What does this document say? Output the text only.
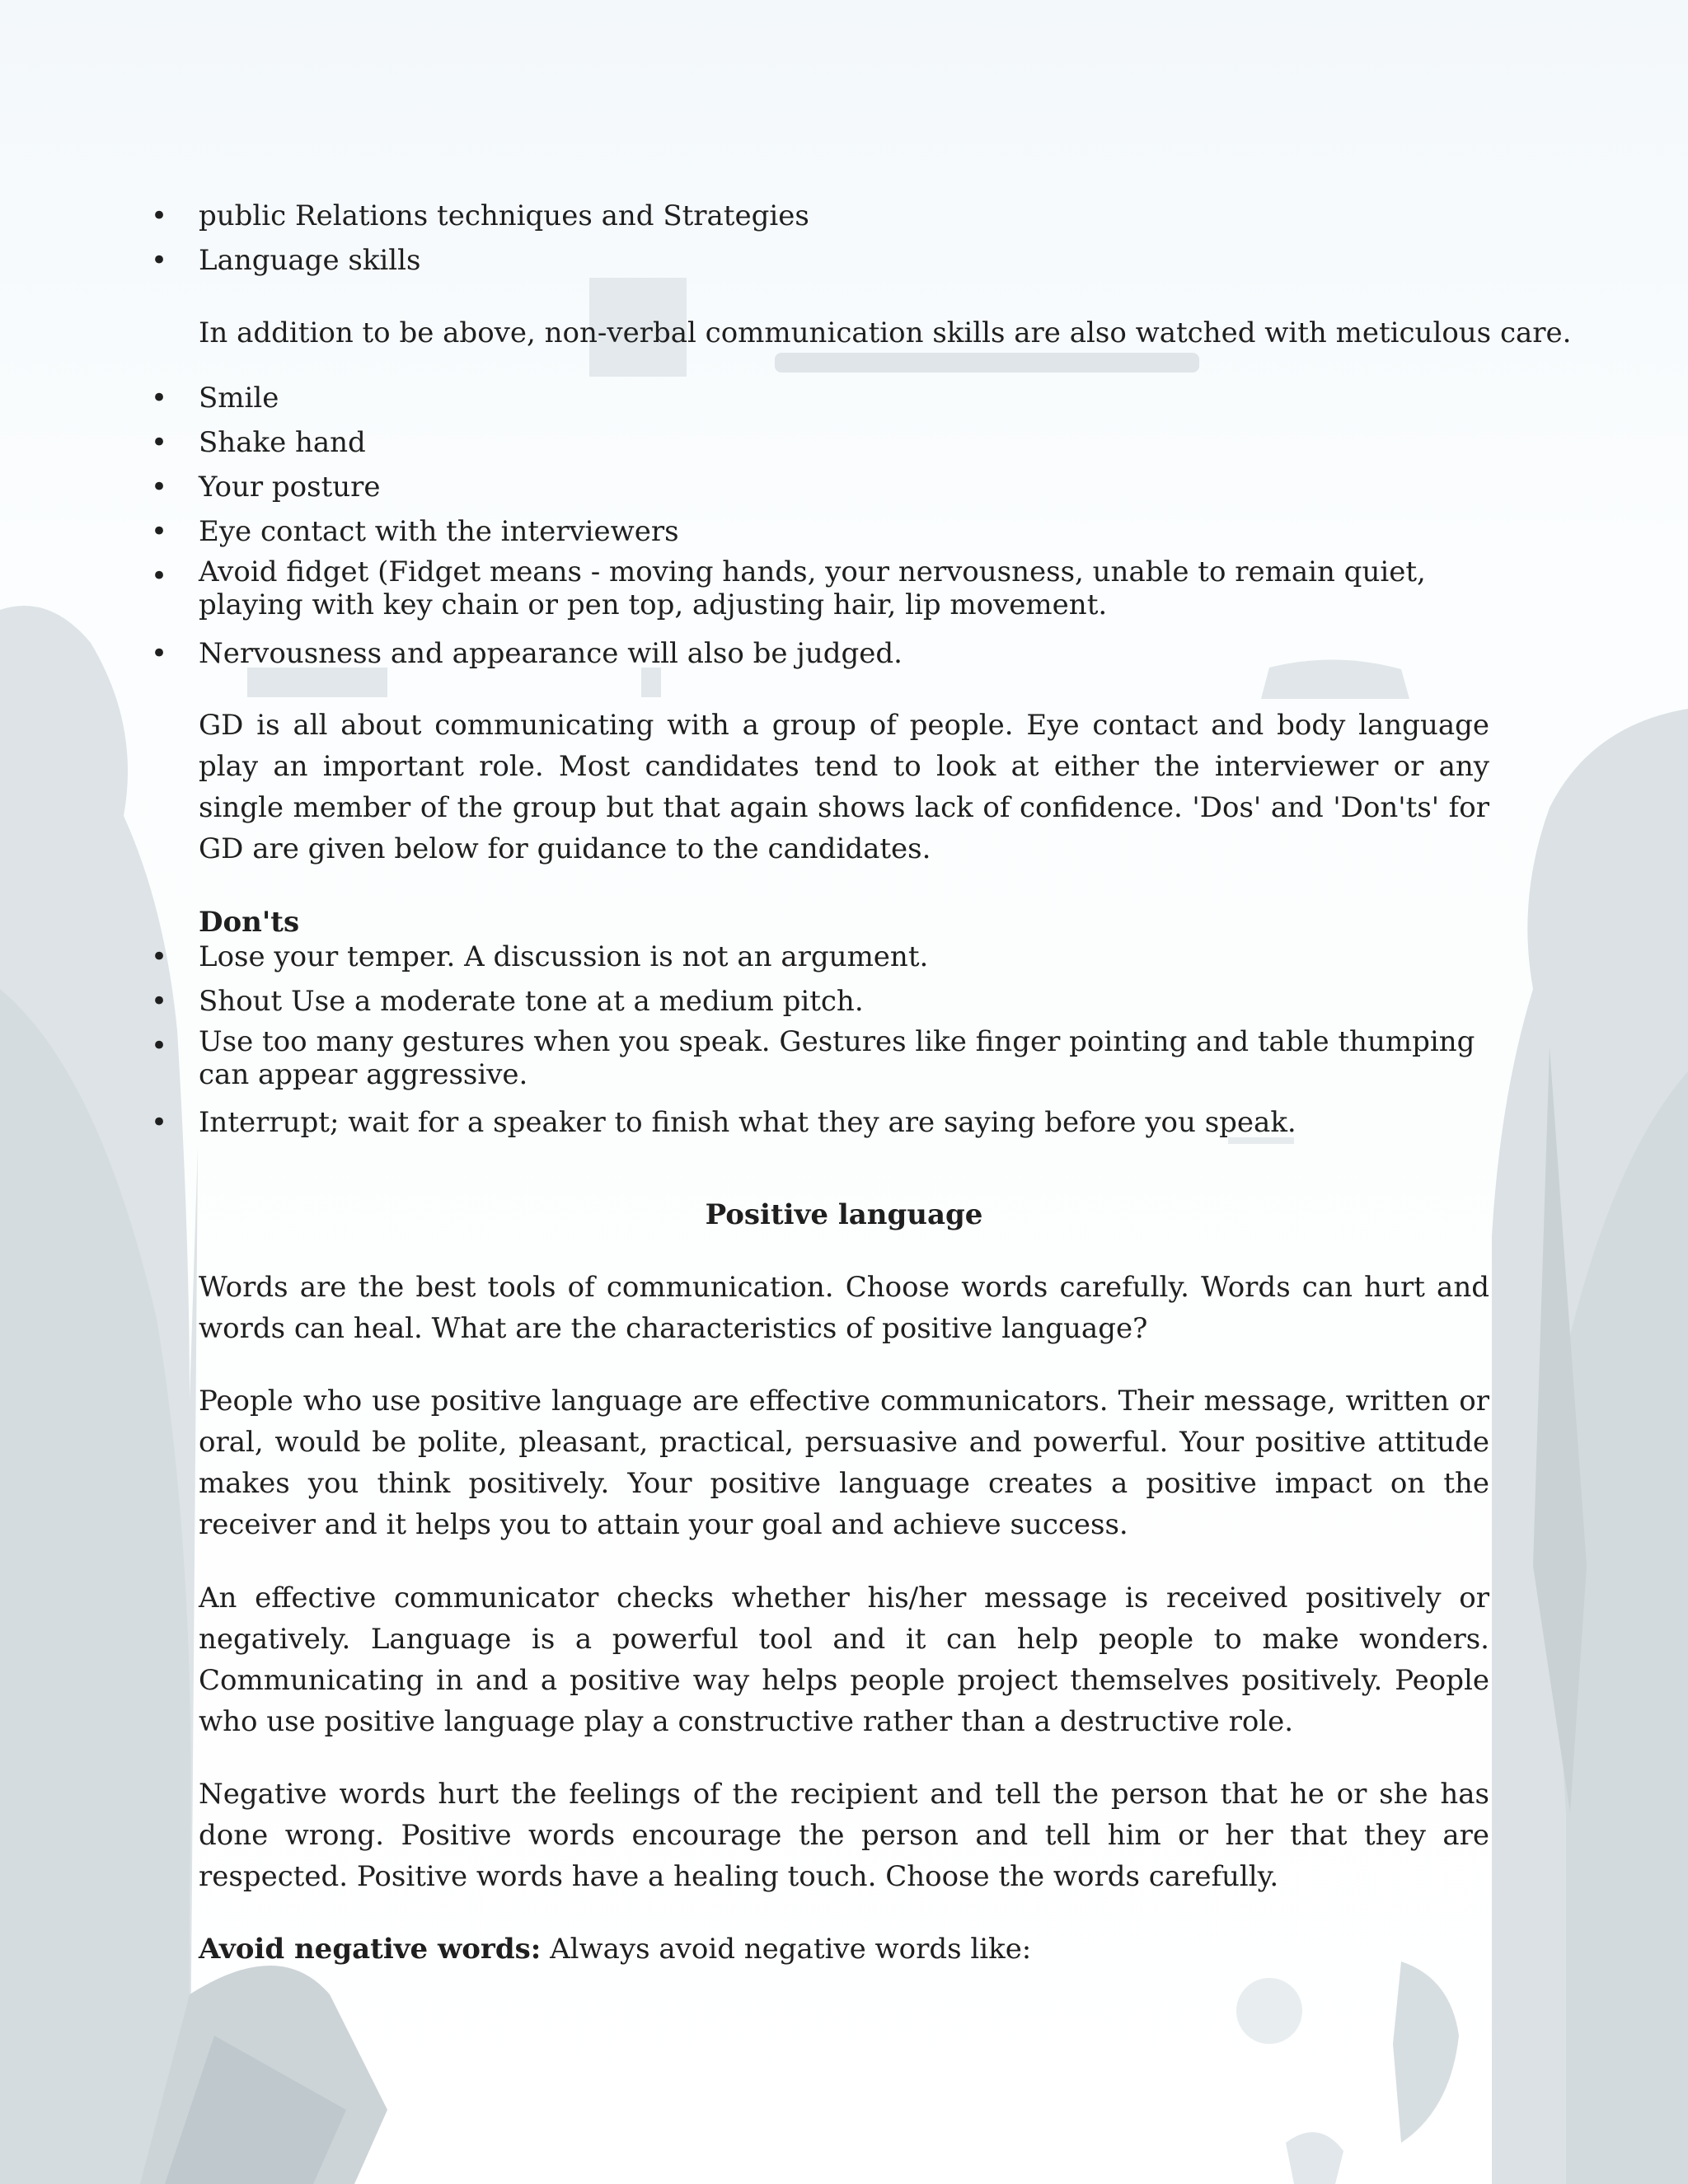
• public Relations techniques and Strategies

• Language skills

In addition to be above, non-verbal communication skills are also watched with meticulous care.

• Smile

• Shake hand

• Your posture

• Eye contact with the interviewers

• Avoid fidget (Fidget means - moving hands, your nervousness, unable to remain quiet, playing with key chain or pen top, adjusting hair, lip movement.

• Nervousness and appearance will also be judged.

GD is all about communicating with a group of people. Eye contact and body language play an important role. Most candidates tend to look at either the interviewer or any single member of the group but that again shows lack of confidence. 'Dos' and 'Don'ts' for GD are given below for guidance to the candidates.

Don'ts

• Lose your temper. A discussion is not an argument.

• Shout Use a moderate tone at a medium pitch.

• Use too many gestures when you speak. Gestures like finger pointing and table thumping can appear aggressive.

• Interrupt; wait for a speaker to finish what they are saying before you speak.

Positive language

Words are the best tools of communication. Choose words carefully. Words can hurt and words can heal. What are the characteristics of positive language?

People who use positive language are effective communicators. Their message, written or oral, would be polite, pleasant, practical, persuasive and powerful. Your positive attitude makes you think positively. Your positive language creates a positive impact on the receiver and it helps you to attain your goal and achieve success.

An effective communicator checks whether his/her message is received positively or negatively. Language is a powerful tool and it can help people to make wonders. Communicating in and a positive way helps people project themselves positively. People who use positive language play a constructive rather than a destructive role.

Negative words hurt the feelings of the recipient and tell the person that he or she has done wrong. Positive words encourage the person and tell him or her that they are respected. Positive words have a healing touch. Choose the words carefully.

Avoid negative words: Always avoid negative words like:
